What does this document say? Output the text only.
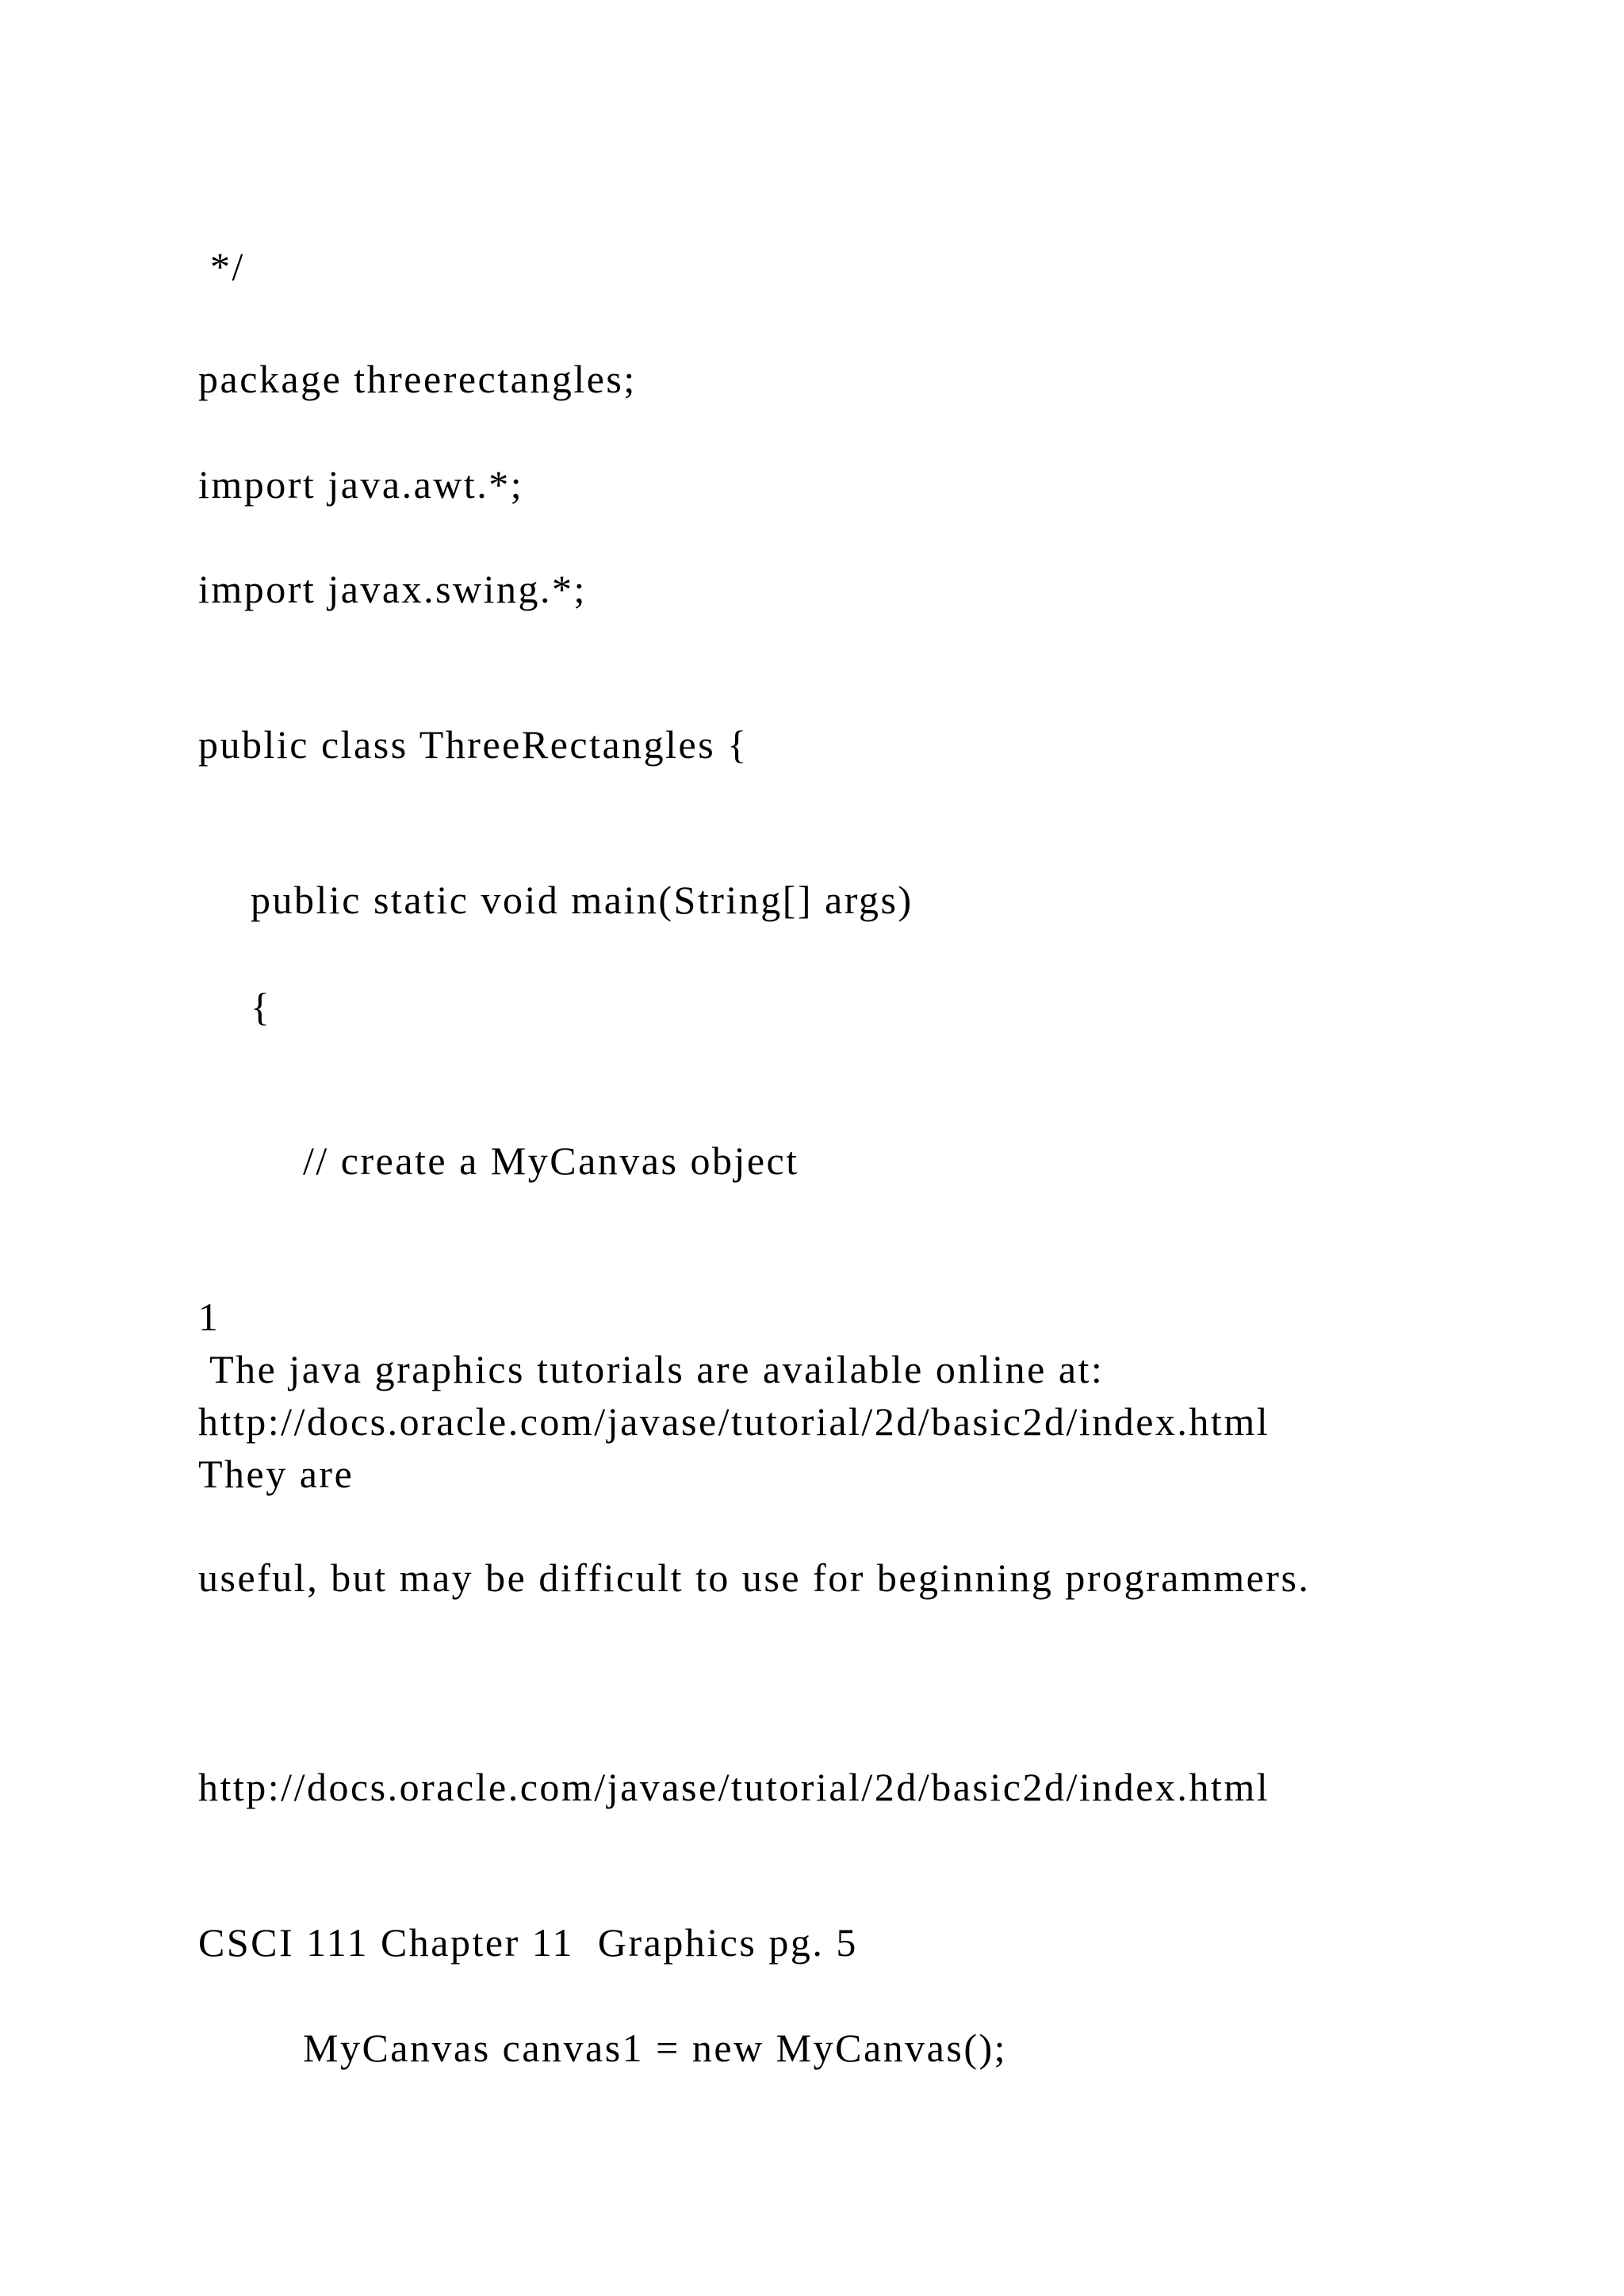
*/

package threerectangles;

import java.awt.*;

import javax.swing.*;

public class ThreeRectangles {

public static void main(String[] args)

{

// create a MyCanvas object

1

The java graphics tutorials are available online at:

http://docs.oracle.com/javase/tutorial/2d/basic2d/index.html

They are

useful, but may be difficult to use for beginning programmers.

http://docs.oracle.com/javase/tutorial/2d/basic2d/index.html

CSCI 111 Chapter 11  Graphics pg. 5

MyCanvas canvas1 = new MyCanvas();
